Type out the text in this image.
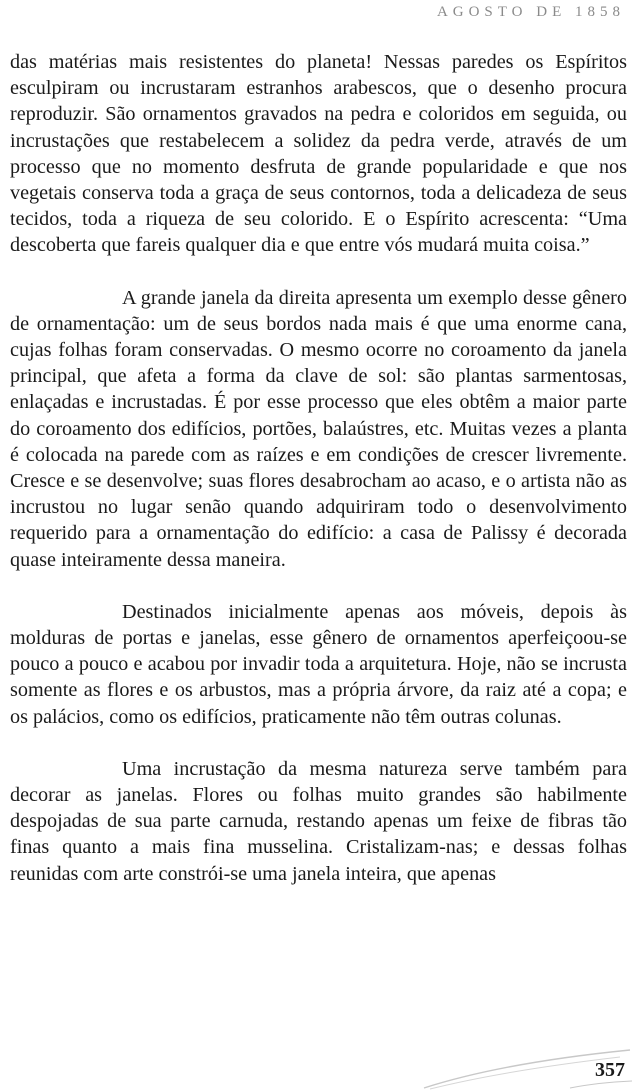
AGOSTO DE 1858

das matérias mais resistentes do planeta! Nessas paredes os Espíritos esculpiram ou incrustaram estranhos arabescos, que o desenho procura reproduzir. São ornamentos gravados na pedra e coloridos em seguida, ou incrustações que restabelecem a solidez da pedra verde, através de um processo que no momento desfruta de grande popularidade e que nos vegetais conserva toda a graça de seus contornos, toda a delicadeza de seus tecidos, toda a riqueza de seu colorido. E o Espírito acrescenta: “Uma descoberta que fareis qualquer dia e que entre vós mudará muita coisa.”

A grande janela da direita apresenta um exemplo desse gênero de ornamentação: um de seus bordos nada mais é que uma enorme cana, cujas folhas foram conservadas. O mesmo ocorre no coroamento da janela principal, que afeta a forma da clave de sol: são plantas sarmentosas, enlaçadas e incrustadas. É por esse processo que eles obtêm a maior parte do coroamento dos edifícios, portões, balaústres, etc. Muitas vezes a planta é colocada na parede com as raízes e em condições de crescer livremente. Cresce e se desenvolve; suas flores desabrocham ao acaso, e o artista não as incrustou no lugar senão quando adquiriram todo o desenvolvimento requerido para a ornamentação do edifício: a casa de Palissy é decorada quase inteiramente dessa maneira.

Destinados inicialmente apenas aos móveis, depois às molduras de portas e janelas, esse gênero de ornamentos aperfeiçoou-se pouco a pouco e acabou por invadir toda a arquitetura. Hoje, não se incrusta somente as flores e os arbustos, mas a própria árvore, da raiz até a copa; e os palácios, como os edifícios, praticamente não têm outras colunas.

Uma incrustação da mesma natureza serve também para decorar as janelas. Flores ou folhas muito grandes são habilmente despojadas de sua parte carnuda, restando apenas um feixe de fibras tão finas quanto a mais fina musselina. Cristalizam-nas; e dessas folhas reunidas com arte constrói-se uma janela inteira, que apenas

357
